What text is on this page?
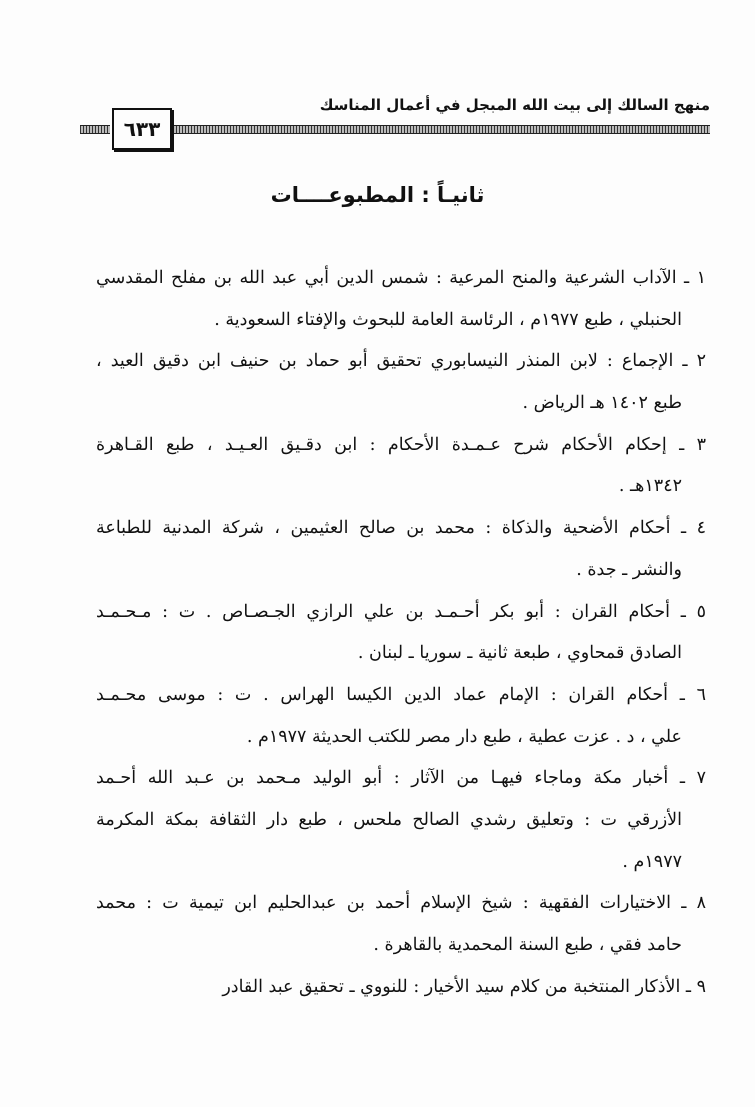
منهج السالك إلى بيت الله المبجل في أعمال المناسك
٦٣٣
ثانيـاً : المطبوعــــات
١ ـ الآداب الشرعية والمنح المرعية : شمس الدين أبي عبد الله بن مفلح المقدسي
الحنبلي ، طبع ١٩٧٧م ، الرئاسة العامة للبحوث والإفتاء السعودية .
٢ ـ الإجماع : لابن المنذر النيسابوري تحقيق أبو حماد بن حنيف ابن دقيق العيد ،
طبع ١٤٠٢ هـ الرياض .
٣ ـ إحكام الأحكام شرح عـمـدة الأحكام : ابن دقـيق العـيـد ، طبع القـاهرة
١٣٤٢هـ .
٤ ـ أحكام الأضحية والذكاة : محمد بن صالح العثيمين ، شركة المدنية للطباعة
والنشر ـ جدة .
٥ ـ أحكام القران : أبو بكر أحـمـد بن علي الرازي الجـصـاص . ت : مـحـمـد
الصادق قمحاوي ، طبعة ثانية ـ سوريا ـ لبنان .
٦ ـ أحكام القران : الإمام عماد الدين الكيسا الهراس . ت : موسى محـمـد
علي ، د . عزت عطية ، طبع دار مصر للكتب الحديثة ١٩٧٧م .
٧ ـ أخبار مكة وماجاء فيهـا من الآثار : أبو الوليد مـحمد بن عـبد الله أحـمد
الأزرقي ت : وتعليق رشدي الصالح ملحس ، طبع دار الثقافة بمكة المكرمة
١٩٧٧م .
٨ ـ الاختيارات الفقهية : شيخ الإسلام أحمد بن عبدالحليم ابن تيمية ت : محمد
حامد فقي ، طبع السنة المحمدية بالقاهرة .
٩ ـ الأذكار المنتخبة من كلام سيد الأخيار : للنووي ـ تحقيق عبد القادر
